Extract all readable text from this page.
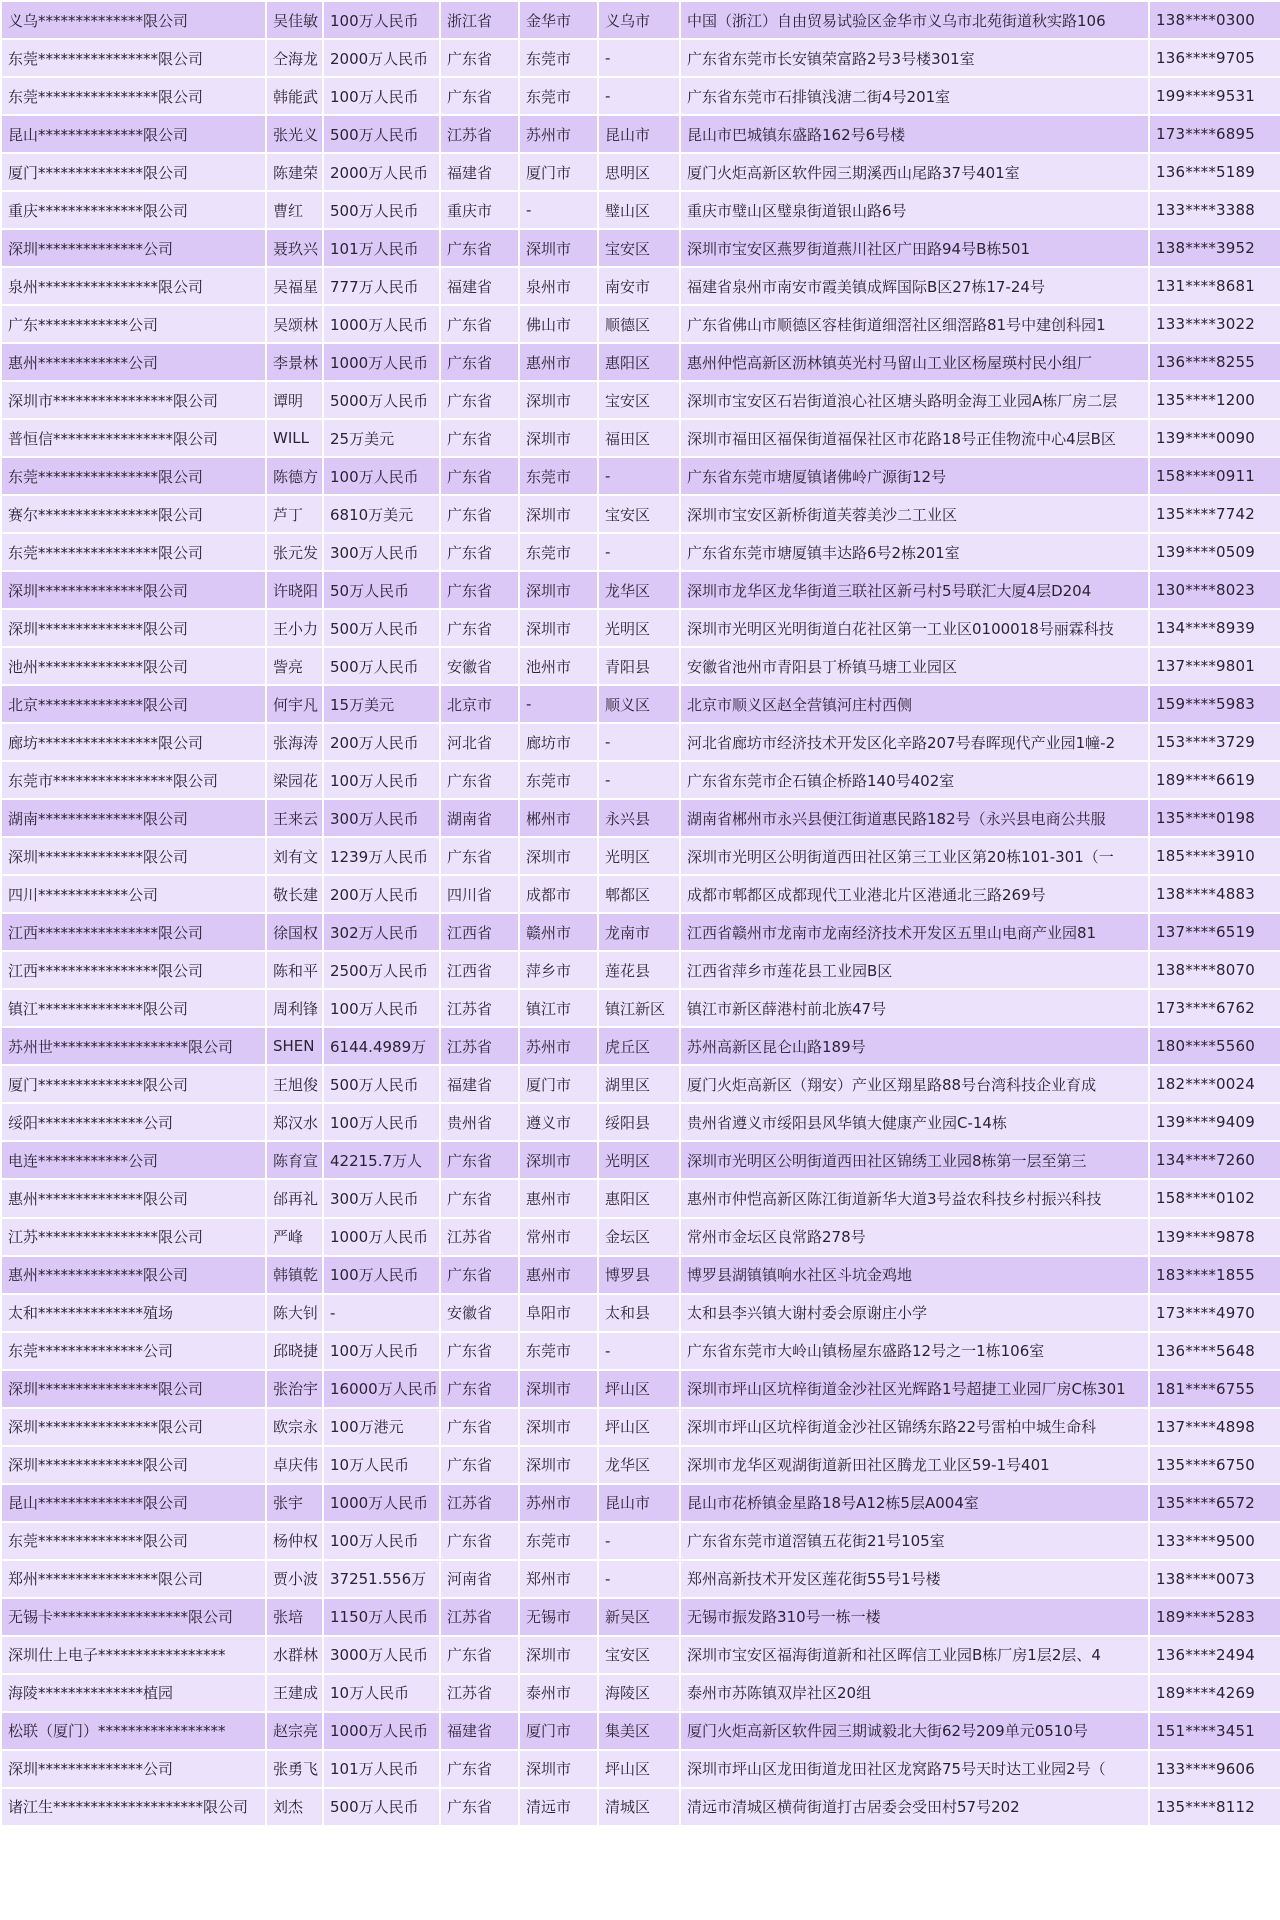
义乌**************限公司	吴佳敏	100万人民币	浙江省	金华市	义乌市	中国（浙江）自由贸易试验区金华市义乌市北苑街道秋实路106	138****0300
东莞****************限公司	仝海龙	2000万人民币	广东省	东莞市	-	广东省东莞市长安镇荣富路2号3号楼301室	136****9705
东莞****************限公司	韩能武	100万人民币	广东省	东莞市	-	广东省东莞市石排镇浅溏二街4号201室	199****9531
昆山**************限公司	张光义	500万人民币	江苏省	苏州市	昆山市	昆山市巴城镇东盛路162号6号楼	173****6895
厦门**************限公司	陈建荣	2000万人民币	福建省	厦门市	思明区	厦门火炬高新区软件园三期溪西山尾路37号401室	136****5189
重庆**************限公司	曹红	500万人民币	重庆市	-	璧山区	重庆市璧山区璧泉街道银山路6号	133****3388
深圳**************公司	聂玖兴	101万人民币	广东省	深圳市	宝安区	深圳市宝安区燕罗街道燕川社区广田路94号B栋501	138****3952
泉州****************限公司	吴福星	777万人民币	福建省	泉州市	南安市	福建省泉州市南安市霞美镇成辉国际B区27栋17-24号	131****8681
广东************公司	吴颂林	1000万人民币	广东省	佛山市	顺德区	广东省佛山市顺德区容桂街道细滘社区细滘路81号中建创科园1	133****3022
惠州************公司	李景林	1000万人民币	广东省	惠州市	惠阳区	惠州仲恺高新区沥林镇英光村马留山工业区杨屋瑛村民小组厂	136****8255
深圳市****************限公司	谭明	5000万人民币	广东省	深圳市	宝安区	深圳市宝安区石岩街道浪心社区塘头路明金海工业园A栋厂房二层	135****1200
普恒信****************限公司	WILL	25万美元	广东省	深圳市	福田区	深圳市福田区福保街道福保社区市花路18号正佳物流中心4层B区	139****0090
东莞****************限公司	陈德方	100万人民币	广东省	东莞市	-	广东省东莞市塘厦镇诸佛岭广源街12号	158****0911
赛尔****************限公司	芦丁	6810万美元	广东省	深圳市	宝安区	深圳市宝安区新桥街道芙蓉美沙二工业区	135****7742
东莞****************限公司	张元发	300万人民币	广东省	东莞市	-	广东省东莞市塘厦镇丰达路6号2栋201室	139****0509
深圳**************限公司	许晓阳	50万人民币	广东省	深圳市	龙华区	深圳市龙华区龙华街道三联社区新弓村5号联汇大厦4层D204	130****8023
深圳**************限公司	王小力	500万人民币	广东省	深圳市	光明区	深圳市光明区光明街道白花社区第一工业区0100018号丽霖科技	134****8939
池州**************限公司	訾亮	500万人民币	安徽省	池州市	青阳县	安徽省池州市青阳县丁桥镇马塘工业园区	137****9801
北京**************限公司	何宇凡	15万美元	北京市	-	顺义区	北京市顺义区赵全营镇河庄村西侧	159****5983
廊坊****************限公司	张海涛	200万人民币	河北省	廊坊市	-	河北省廊坊市经济技术开发区化辛路207号春晖现代产业园1幢-2	153****3729
东莞市****************限公司	梁园花	100万人民币	广东省	东莞市	-	广东省东莞市企石镇企桥路140号402室	189****6619
湖南**************限公司	王来云	300万人民币	湖南省	郴州市	永兴县	湖南省郴州市永兴县便江街道惠民路182号（永兴县电商公共服	135****0198
深圳**************限公司	刘有文	1239万人民币	广东省	深圳市	光明区	深圳市光明区公明街道西田社区第三工业区第20栋101-301（一	185****3910
四川************公司	敬长建	200万人民币	四川省	成都市	郫都区	成都市郫都区成都现代工业港北片区港通北三路269号	138****4883
江西****************限公司	徐国权	302万人民币	江西省	赣州市	龙南市	江西省赣州市龙南市龙南经济技术开发区五里山电商产业园81	137****6519
江西****************限公司	陈和平	2500万人民币	江西省	萍乡市	莲花县	江西省萍乡市莲花县工业园B区	138****8070
镇江**************限公司	周利锋	100万人民币	江苏省	镇江市	镇江新区	镇江市新区薛港村前北族47号	173****6762
苏州世******************限公司	SHEN	6144.4989万	江苏省	苏州市	虎丘区	苏州高新区昆仑山路189号	180****5560
厦门**************限公司	王旭俊	500万人民币	福建省	厦门市	湖里区	厦门火炬高新区（翔安）产业区翔星路88号台湾科技企业育成	182****0024
绥阳**************公司	郑汉水	100万人民币	贵州省	遵义市	绥阳县	贵州省遵义市绥阳县风华镇大健康产业园C-14栋	139****9409
电连************公司	陈育宣	42215.7万人	广东省	深圳市	光明区	深圳市光明区公明街道西田社区锦绣工业园8栋第一层至第三	134****7260
惠州**************限公司	邰再礼	300万人民币	广东省	惠州市	惠阳区	惠州市仲恺高新区陈江街道新华大道3号益农科技乡村振兴科技	158****0102
江苏****************限公司	严峰	1000万人民币	江苏省	常州市	金坛区	常州市金坛区良常路278号	139****9878
惠州**************限公司	韩镇乾	100万人民币	广东省	惠州市	博罗县	博罗县湖镇镇响水社区斗坑金鸡地	183****1855
太和**************殖场	陈大钊	-	安徽省	阜阳市	太和县	太和县李兴镇大谢村委会原谢庄小学	173****4970
东莞**************公司	邱晓捷	100万人民币	广东省	东莞市	-	广东省东莞市大岭山镇杨屋东盛路12号之一1栋106室	136****5648
深圳****************限公司	张治宇	16000万人民币	广东省	深圳市	坪山区	深圳市坪山区坑梓街道金沙社区光辉路1号超捷工业园厂房C栋301	181****6755
深圳****************限公司	欧宗永	100万港元	广东省	深圳市	坪山区	深圳市坪山区坑梓街道金沙社区锦绣东路22号雷柏中城生命科	137****4898
深圳**************限公司	卓庆伟	10万人民币	广东省	深圳市	龙华区	深圳市龙华区观湖街道新田社区腾龙工业区59-1号401	135****6750
昆山**************限公司	张宇	1000万人民币	江苏省	苏州市	昆山市	昆山市花桥镇金星路18号A12栋5层A004室	135****6572
东莞**************限公司	杨仲权	100万人民币	广东省	东莞市	-	广东省东莞市道滘镇五花街21号105室	133****9500
郑州****************限公司	贾小波	37251.556万	河南省	郑州市	-	郑州高新技术开发区莲花街55号1号楼	138****0073
无锡卡******************限公司	张培	1150万人民币	江苏省	无锡市	新吴区	无锡市振发路310号一栋一楼	189****5283
深圳仕上电子*****************	水群林	3000万人民币	广东省	深圳市	宝安区	深圳市宝安区福海街道新和社区晖信工业园B栋厂房1层2层、4	136****2494
海陵**************植园	王建成	10万人民币	江苏省	泰州市	海陵区	泰州市苏陈镇双岸社区20组	189****4269
松联（厦门）*****************	赵宗亮	1000万人民币	福建省	厦门市	集美区	厦门火炬高新区软件园三期诚毅北大街62号209单元0510号	151****3451
深圳**************公司	张勇飞	101万人民币	广东省	深圳市	坪山区	深圳市坪山区龙田街道龙田社区龙窝路75号天时达工业园2号（	133****9606
诸江生********************限公司	刘杰	500万人民币	广东省	清远市	清城区	清远市清城区横荷街道打古居委会受田村57号202	135****8112
